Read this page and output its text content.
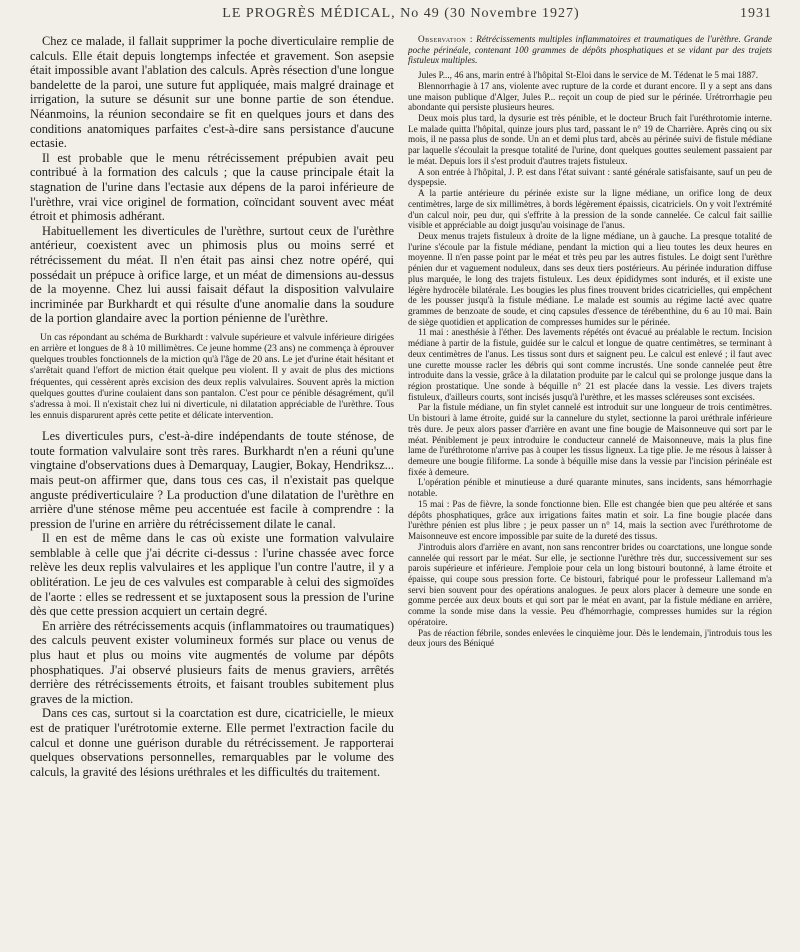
LE PROGRÈS MÉDICAL, No 49 (30 Novembre 1927)	1931

Chez ce malade, il fallait supprimer la poche diverticulaire remplie de calculs. Elle était depuis longtemps infectée et gravement. Son asepsie était impossible avant l'ablation des calculs. Après résection d'une longue bandelette de la paroi, une suture fut appliquée, mais malgré drainage et irrigation, la suture se désunit sur une bonne partie de son étendue. Néanmoins, la réunion secondaire se fit en quelques jours et dans des conditions anatomiques parfaites c'est-à-dire sans persistance d'aucune ectasie.

Il est probable que le menu rétrécissement prépubien avait peu contribué à la formation des calculs ; que la cause principale était la stagnation de l'urine dans l'ectasie aux dépens de la paroi inférieure de l'urèthre, vrai vice originel de formation, coïncidant souvent avec méat étroit et phimosis adhérant.

Habituellement les diverticules de l'urèthre, surtout ceux de l'urèthre antérieur, coexistent avec un phimosis plus ou moins serré et rétrécissement du méat. Il n'en était pas ainsi chez notre opéré, qui possédait un prépuce à orifice large, et un méat de dimensions au-dessus de la moyenne. Chez lui aussi faisait défaut la disposition valvulaire incriminée par Burkhardt et qui résulte d'une anomalie dans la soudure de la portion glandaire avec la portion pénienne de l'urèthre.

Un cas répondant au schéma de Burkhardt : valvule supérieure et valvule inférieure dirigées en arrière et longues de 8 à 10 millimètres. Ce jeune homme (23 ans) ne commença à éprouver quelques troubles fonctionnels de la miction qu'à l'âge de 20 ans. Le jet d'urine était hésitant et s'arrêtait quand l'effort de miction était quelque peu violent. Il y avait de plus des mictions fréquentes, qui cessèrent après excision des deux replis valvulaires. Souvent après la miction quelques gouttes d'urine coulaient dans son pantalon. C'est pour ce pénible désagrément, qu'il s'adressa à moi. Il n'existait chez lui ni diverticule, ni dilatation appréciable de l'urèthre. Tous les ennuis disparurent après cette petite et délicate intervention.

Les diverticules purs, c'est-à-dire indépendants de toute sténose, de toute formation valvulaire sont très rares. Burkhardt n'en a réuni qu'une vingtaine d'observations dues à Demarquay, Laugier, Bokay, Hendriksz... mais peut-on affirmer que, dans tous ces cas, il n'existait pas quelque anguste prédiverticulaire ? La production d'une dilatation de l'urèthre en arrière d'une sténose même peu accentuée est facile à comprendre : la pression de l'urine en arrière du rétrécissement dilate le canal.

Il en est de même dans le cas où existe une formation valvulaire semblable à celle que j'ai décrite ci-dessus : l'urine chassée avec force relève les deux replis valvulaires et les applique l'un contre l'autre, il y a oblitération. Le jeu de ces valvules est comparable à celui des sigmoïdes de l'aorte : elles se redressent et se juxtaposent sous la pression de l'urine dès que cette pression acquiert un certain degré.

En arrière des rétrécissements acquis (inflammatoires ou traumatiques) des calculs peuvent exister volumineux formés sur place ou venus de plus haut et plus ou moins vite augmentés de volume par dépôts phosphatiques. J'ai observé plusieurs faits de menus graviers, arrêtés derrière des rétrécissements étroits, et faisant troubles subitement plus graves de la miction.

Dans ces cas, surtout si la coarctation est dure, cicatricielle, le mieux est de pratiquer l'urétrotomie externe. Elle permet l'extraction facile du calcul et donne une guérison durable du rétrécissement. Je rapporterai quelques observations personnelles, remarquables par le volume des calculs, la gravité des lésions uréthrales et les difficultés du traitement.

Observation : Rétrécissements multiples inflammatoires et traumatiques de l'urèthre. Grande poche périnéale, contenant 100 grammes de dépôts phosphatiques et se vidant par des trajets fistuleux multiples.

Jules P..., 46 ans, marin entré à l'hôpital St-Eloi dans le service de M. Tédenat le 5 mai 1887.

Blennorrhagie à 17 ans, violente avec rupture de la corde et durant encore. Il y a sept ans dans une maison publique d'Alger, Jules P... reçoit un coup de pied sur le périnée. Urétrorrhagie peu abondante qui persiste plusieurs heures.

Deux mois plus tard, la dysurie est très pénible, et le docteur Bruch fait l'uréthrotomie interne. Le malade quitta l'hôpital, quinze jours plus tard, passant le n° 19 de Charrière. Après cinq ou six mois, il ne passa plus de sonde. Un an et demi plus tard, abcès au périnée suivi de fistule médiane par laquelle s'écoulait la presque totalité de l'urine, dont quelques gouttes seulement passaient par le méat. Depuis lors il s'est produit d'autres trajets fistuleux.

A son entrée à l'hôpital, J. P. est dans l'état suivant : santé générale satisfaisante, sauf un peu de dyspepsie.

A la partie antérieure du périnée existe sur la ligne médiane, un orifice long de deux centimètres, large de six millimètres, à bords légèrement épaissis, cicatriciels. On y voit l'extrémité d'un calcul noir, peu dur, qui s'effrite à la pression de la sonde cannelée. Ce calcul fait saillie visible et appréciable au doigt jusqu'au voisinage de l'anus.

Deux menus trajets fistuleux à droite de la ligne médiane, un à gauche. La presque totalité de l'urine s'écoule par la fistule médiane, pendant la miction qui a lieu toutes les deux heures en moyenne. Il n'en passe point par le méat et très peu par les autres fistules. Le doigt sent l'urèthre pénien dur et vaguement noduleux, dans ses deux tiers postérieurs. Au périnée induration diffuse plus marquée, le long des trajets fistuleux. Les deux épididymes sont indurés, et il existe une légère hydrocèle bilatérale. Les bougies les plus fines trouvent brides cicatricielles, qui empêchent de les pousser jusqu'à la fistule médiane. Le malade est soumis au régime lacté avec quatre grammes de benzoate de soude, et cinq capsules d'essence de térébenthine, du 6 au 10 mai. Bain de siège quotidien et application de compresses humides sur le périnée.

11 mai : anesthésie à l'éther. Des lavements répétés ont évacué au préalable le rectum. Incision médiane à partir de la fistule, guidée sur le calcul et longue de quatre centimètres, se terminant à deux centimètres de l'anus. Les tissus sont durs et saignent peu. Le calcul est enlevé ; il faut avec une curette mousse racler les débris qui sont comme incrustés. Une sonde cannelée peut être introduite dans la vessie, grâce à la dilatation produite par le calcul qui se prolonge jusque dans la région prostatique. Une sonde à béquille n° 21 est placée dans la vessie. Les divers trajets fistuleux, d'ailleurs courts, sont incisés jusqu'à l'urèthre, et les masses scléreuses sont excisées.

Par la fistule médiane, un fin stylet cannelé est introduit sur une longueur de trois centimètres. Un bistouri à lame étroite, guidé sur la cannelure du stylet, sectionne la paroi uréthrale inférieure très dure. Je peux alors passer d'arrière en avant une fine bougie de Maisonneuve qui sort par le méat. Péniblement je peux introduire le conducteur cannelé de Maisonneuve, mais la plus fine lame de l'uréthrotome n'arrive pas à couper les tissus ligneux. La tige plie. Je me résous à laisser à demeure une bougie filiforme. La sonde à béquille mise dans la vessie par l'incision périnéale est fixée à demeure.

L'opération pénible et minutieuse a duré quarante minutes, sans incidents, sans hémorrhagie notable.

15 mai : Pas de fièvre, la sonde fonctionne bien. Elle est changée bien que peu altérée et sans dépôts phosphatiques, grâce aux irrigations faites matin et soir. La fine bougie placée dans l'urèthre pénien est plus libre ; je peux passer un n° 14, mais la section avec l'uréthrotome de Maisonneuve est encore impossible par suite de la dureté des tissus.

J'introduis alors d'arrière en avant, non sans rencontrer brides ou coarctations, une longue sonde cannelée qui ressort par le méat. Sur elle, je sectionne l'urèthre très dur, successivement sur ses parois supérieure et inférieure. J'emploie pour cela un long bistouri boutonné, à lame étroite et épaisse, qui coupe sous pression forte. Ce bistouri, fabriqué pour le professeur Lallemand m'a servi bien souvent pour des opérations analogues. Je peux alors placer à demeure une sonde en gomme percée aux deux bouts et qui sort par le méat en avant, par la fistule médiane en arrière, comme la sonde mise dans la vessie. Peu d'hémorrhagie, compresses humides sur la région opératoire.

Pas de réaction fébrile, sondes enlevées le cinquième jour. Dès le lendemain, j'introduis tous les deux jours des Béniqué
